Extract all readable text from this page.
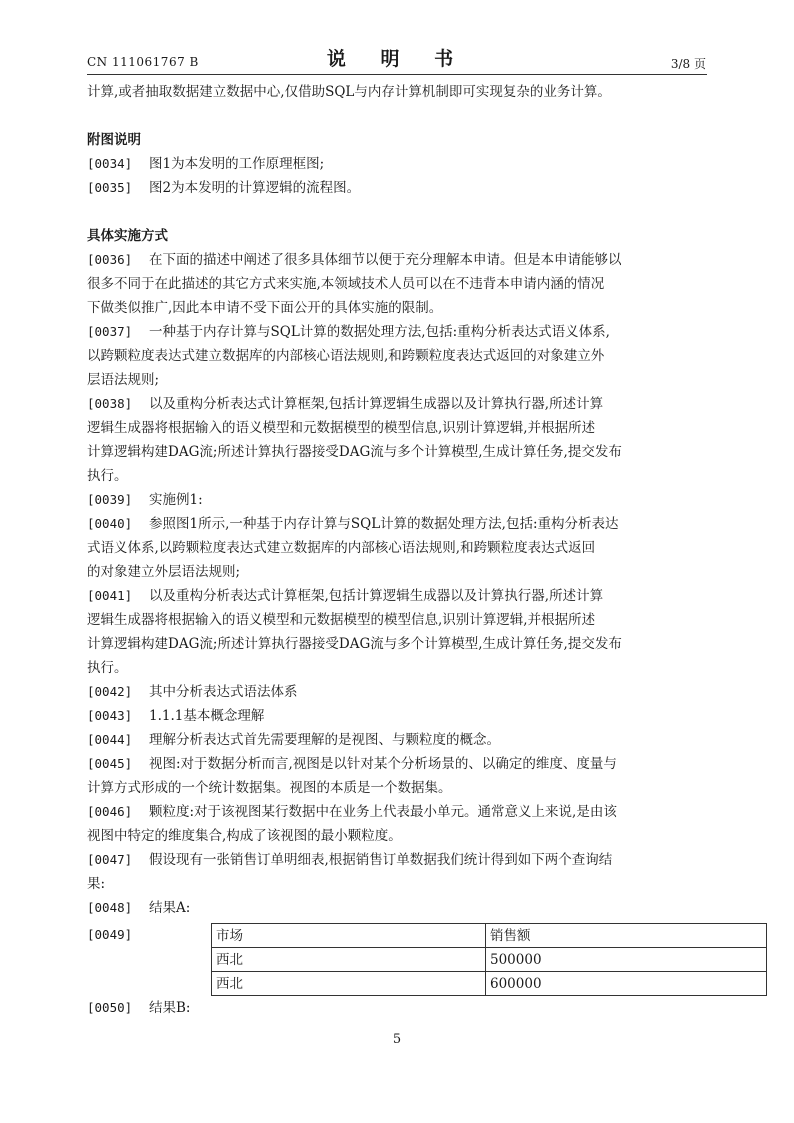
CN 111061767 B	说 明 书	3/8 页
计算,或者抽取数据建立数据中心,仅借助SQL与内存计算机制即可实现复杂的业务计算。
附图说明
[0034] 图1为本发明的工作原理框图;
[0035] 图2为本发明的计算逻辑的流程图。
具体实施方式
[0036] 在下面的描述中阐述了很多具体细节以便于充分理解本申请。但是本申请能够以
很多不同于在此描述的其它方式来实施,本领域技术人员可以在不违背本申请内涵的情况
下做类似推广,因此本申请不受下面公开的具体实施的限制。
[0037] 一种基于内存计算与SQL计算的数据处理方法,包括:重构分析表达式语义体系,
以跨颗粒度表达式建立数据库的内部核心语法规则,和跨颗粒度表达式返回的对象建立外
层语法规则;
[0038] 以及重构分析表达式计算框架,包括计算逻辑生成器以及计算执行器,所述计算
逻辑生成器将根据输入的语义模型和元数据模型的模型信息,识别计算逻辑,并根据所述
计算逻辑构建DAG流;所述计算执行器接受DAG流与多个计算模型,生成计算任务,提交发布
执行。
[0039] 实施例1:
[0040] 参照图1所示,一种基于内存计算与SQL计算的数据处理方法,包括:重构分析表达
式语义体系,以跨颗粒度表达式建立数据库的内部核心语法规则,和跨颗粒度表达式返回
的对象建立外层语法规则;
[0041] 以及重构分析表达式计算框架,包括计算逻辑生成器以及计算执行器,所述计算
逻辑生成器将根据输入的语义模型和元数据模型的模型信息,识别计算逻辑,并根据所述
计算逻辑构建DAG流;所述计算执行器接受DAG流与多个计算模型,生成计算任务,提交发布
执行。
[0042] 其中分析表达式语法体系
[0043] 1.1.1基本概念理解
[0044] 理解分析表达式首先需要理解的是视图、与颗粒度的概念。
[0045] 视图:对于数据分析而言,视图是以针对某个分析场景的、以确定的维度、度量与
计算方式形成的一个统计数据集。视图的本质是一个数据集。
[0046] 颗粒度:对于该视图某行数据中在业务上代表最小单元。通常意义上来说,是由该
视图中特定的维度集合,构成了该视图的最小颗粒度。
[0047] 假设现有一张销售订单明细表,根据销售订单数据我们统计得到如下两个查询结
果:
[0048] 结果A:
[0049]	市场	销售额
西北	500000
西北	600000
[0050] 结果B:
5
